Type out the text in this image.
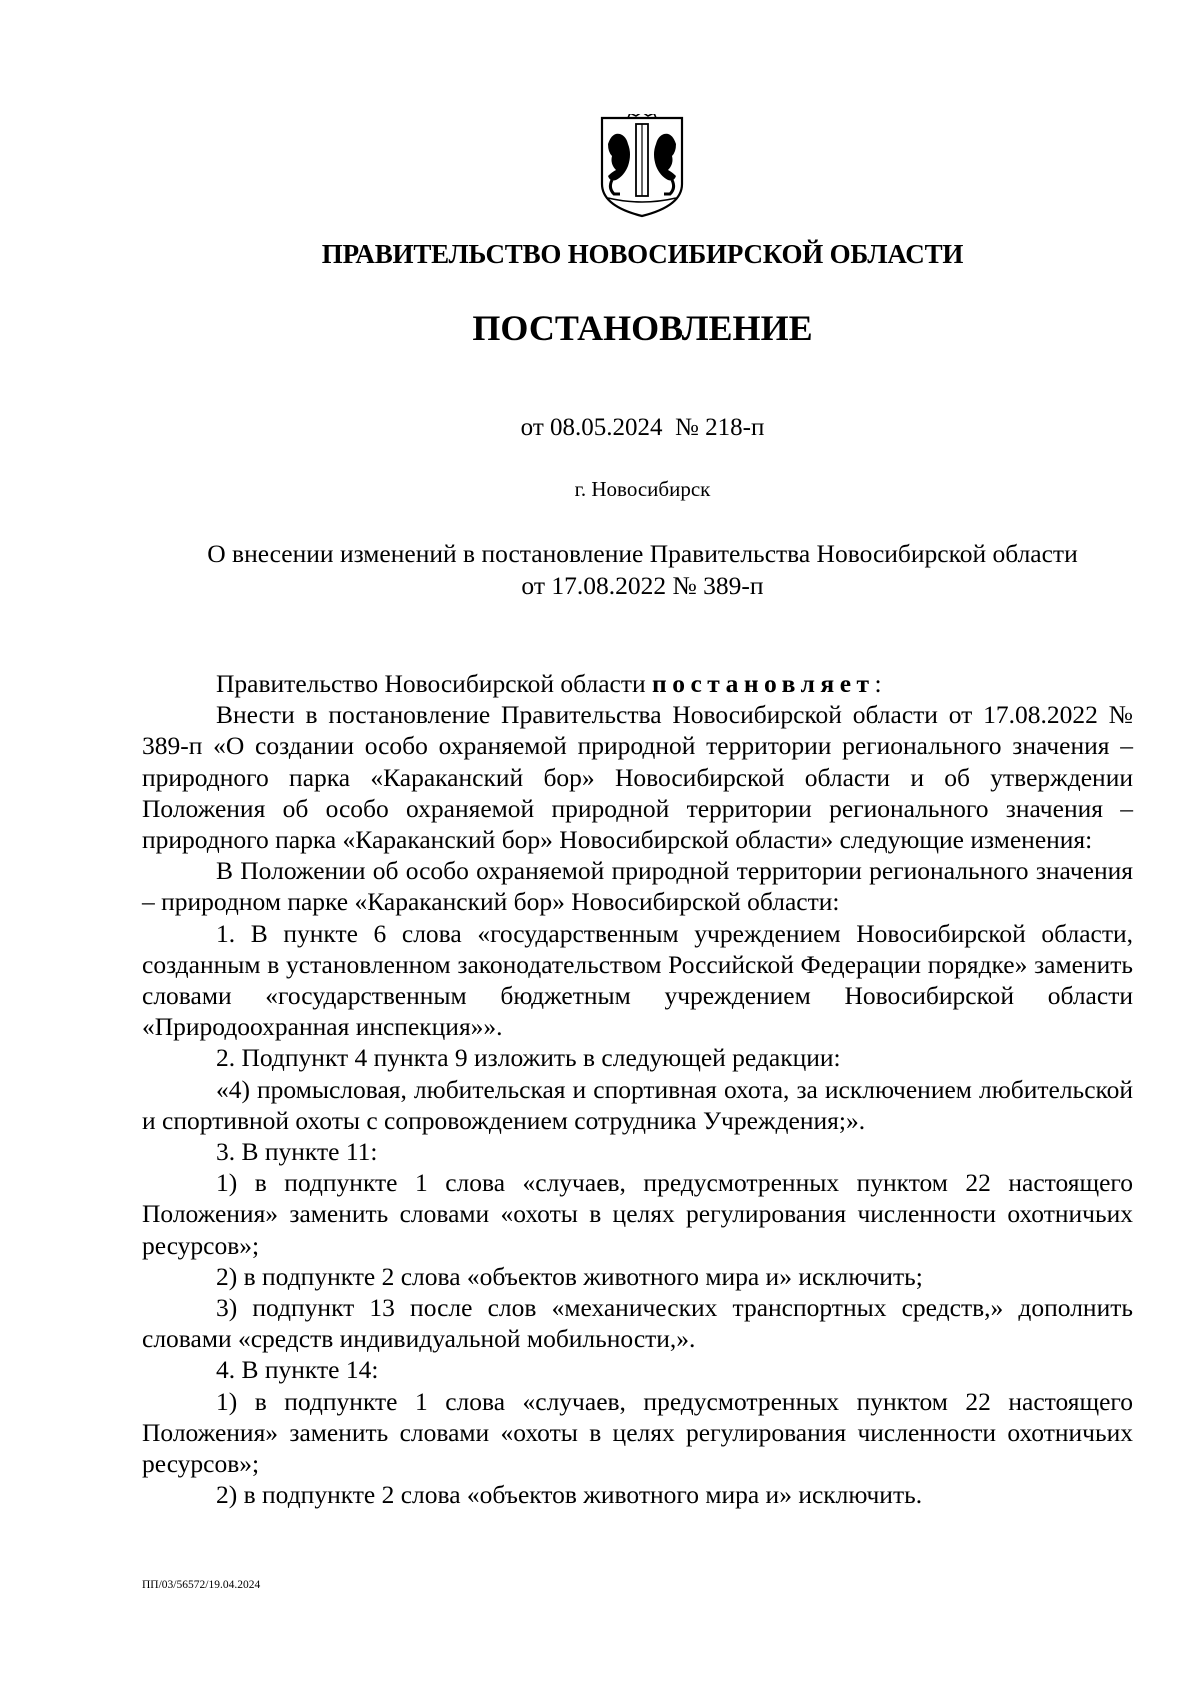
ПРАВИТЕЛЬСТВО НОВОСИБИРСКОЙ ОБЛАСТИ
ПОСТАНОВЛЕНИЕ
от 08.05.2024  № 218-п
г. Новосибирск
О внесении изменений в постановление Правительства Новосибирской области
от 17.08.2022 № 389-п

Правительство Новосибирской области постановляет:

Внести в постановление Правительства Новосибирской области от 17.08.2022 № 389-п «О создании особо охраняемой природной территории регионального значения – природного парка «Караканский бор» Новосибирской области и об утверждении Положения об особо охраняемой природной территории регионального значения – природного парка «Караканский бор» Новосибирской области» следующие изменения:

В Положении об особо охраняемой природной территории регионального значения – природном парке «Караканский бор» Новосибирской области:

1. В пункте 6 слова «государственным учреждением Новосибирской области, созданным в установленном законодательством Российской Федерации порядке» заменить словами «государственным бюджетным учреждением Новосибирской области «Природоохранная инспекция»».

2. Подпункт 4 пункта 9 изложить в следующей редакции:

«4) промысловая, любительская и спортивная охота, за исключением любительской и спортивной охоты с сопровождением сотрудника Учреждения;».

3. В пункте 11:

1) в подпункте 1 слова «случаев, предусмотренных пунктом 22 настоящего Положения» заменить словами «охоты в целях регулирования численности охотничьих ресурсов»;

2) в подпункте 2 слова «объектов животного мира и» исключить;

3) подпункт 13 после слов «механических транспортных средств,» дополнить словами «средств индивидуальной мобильности,».

4. В пункте 14:

1) в подпункте 1 слова «случаев, предусмотренных пунктом 22 настоящего Положения» заменить словами «охоты в целях регулирования численности охотничьих ресурсов»;

2) в подпункте 2 слова «объектов животного мира и» исключить.

ПП/03/56572/19.04.2024
